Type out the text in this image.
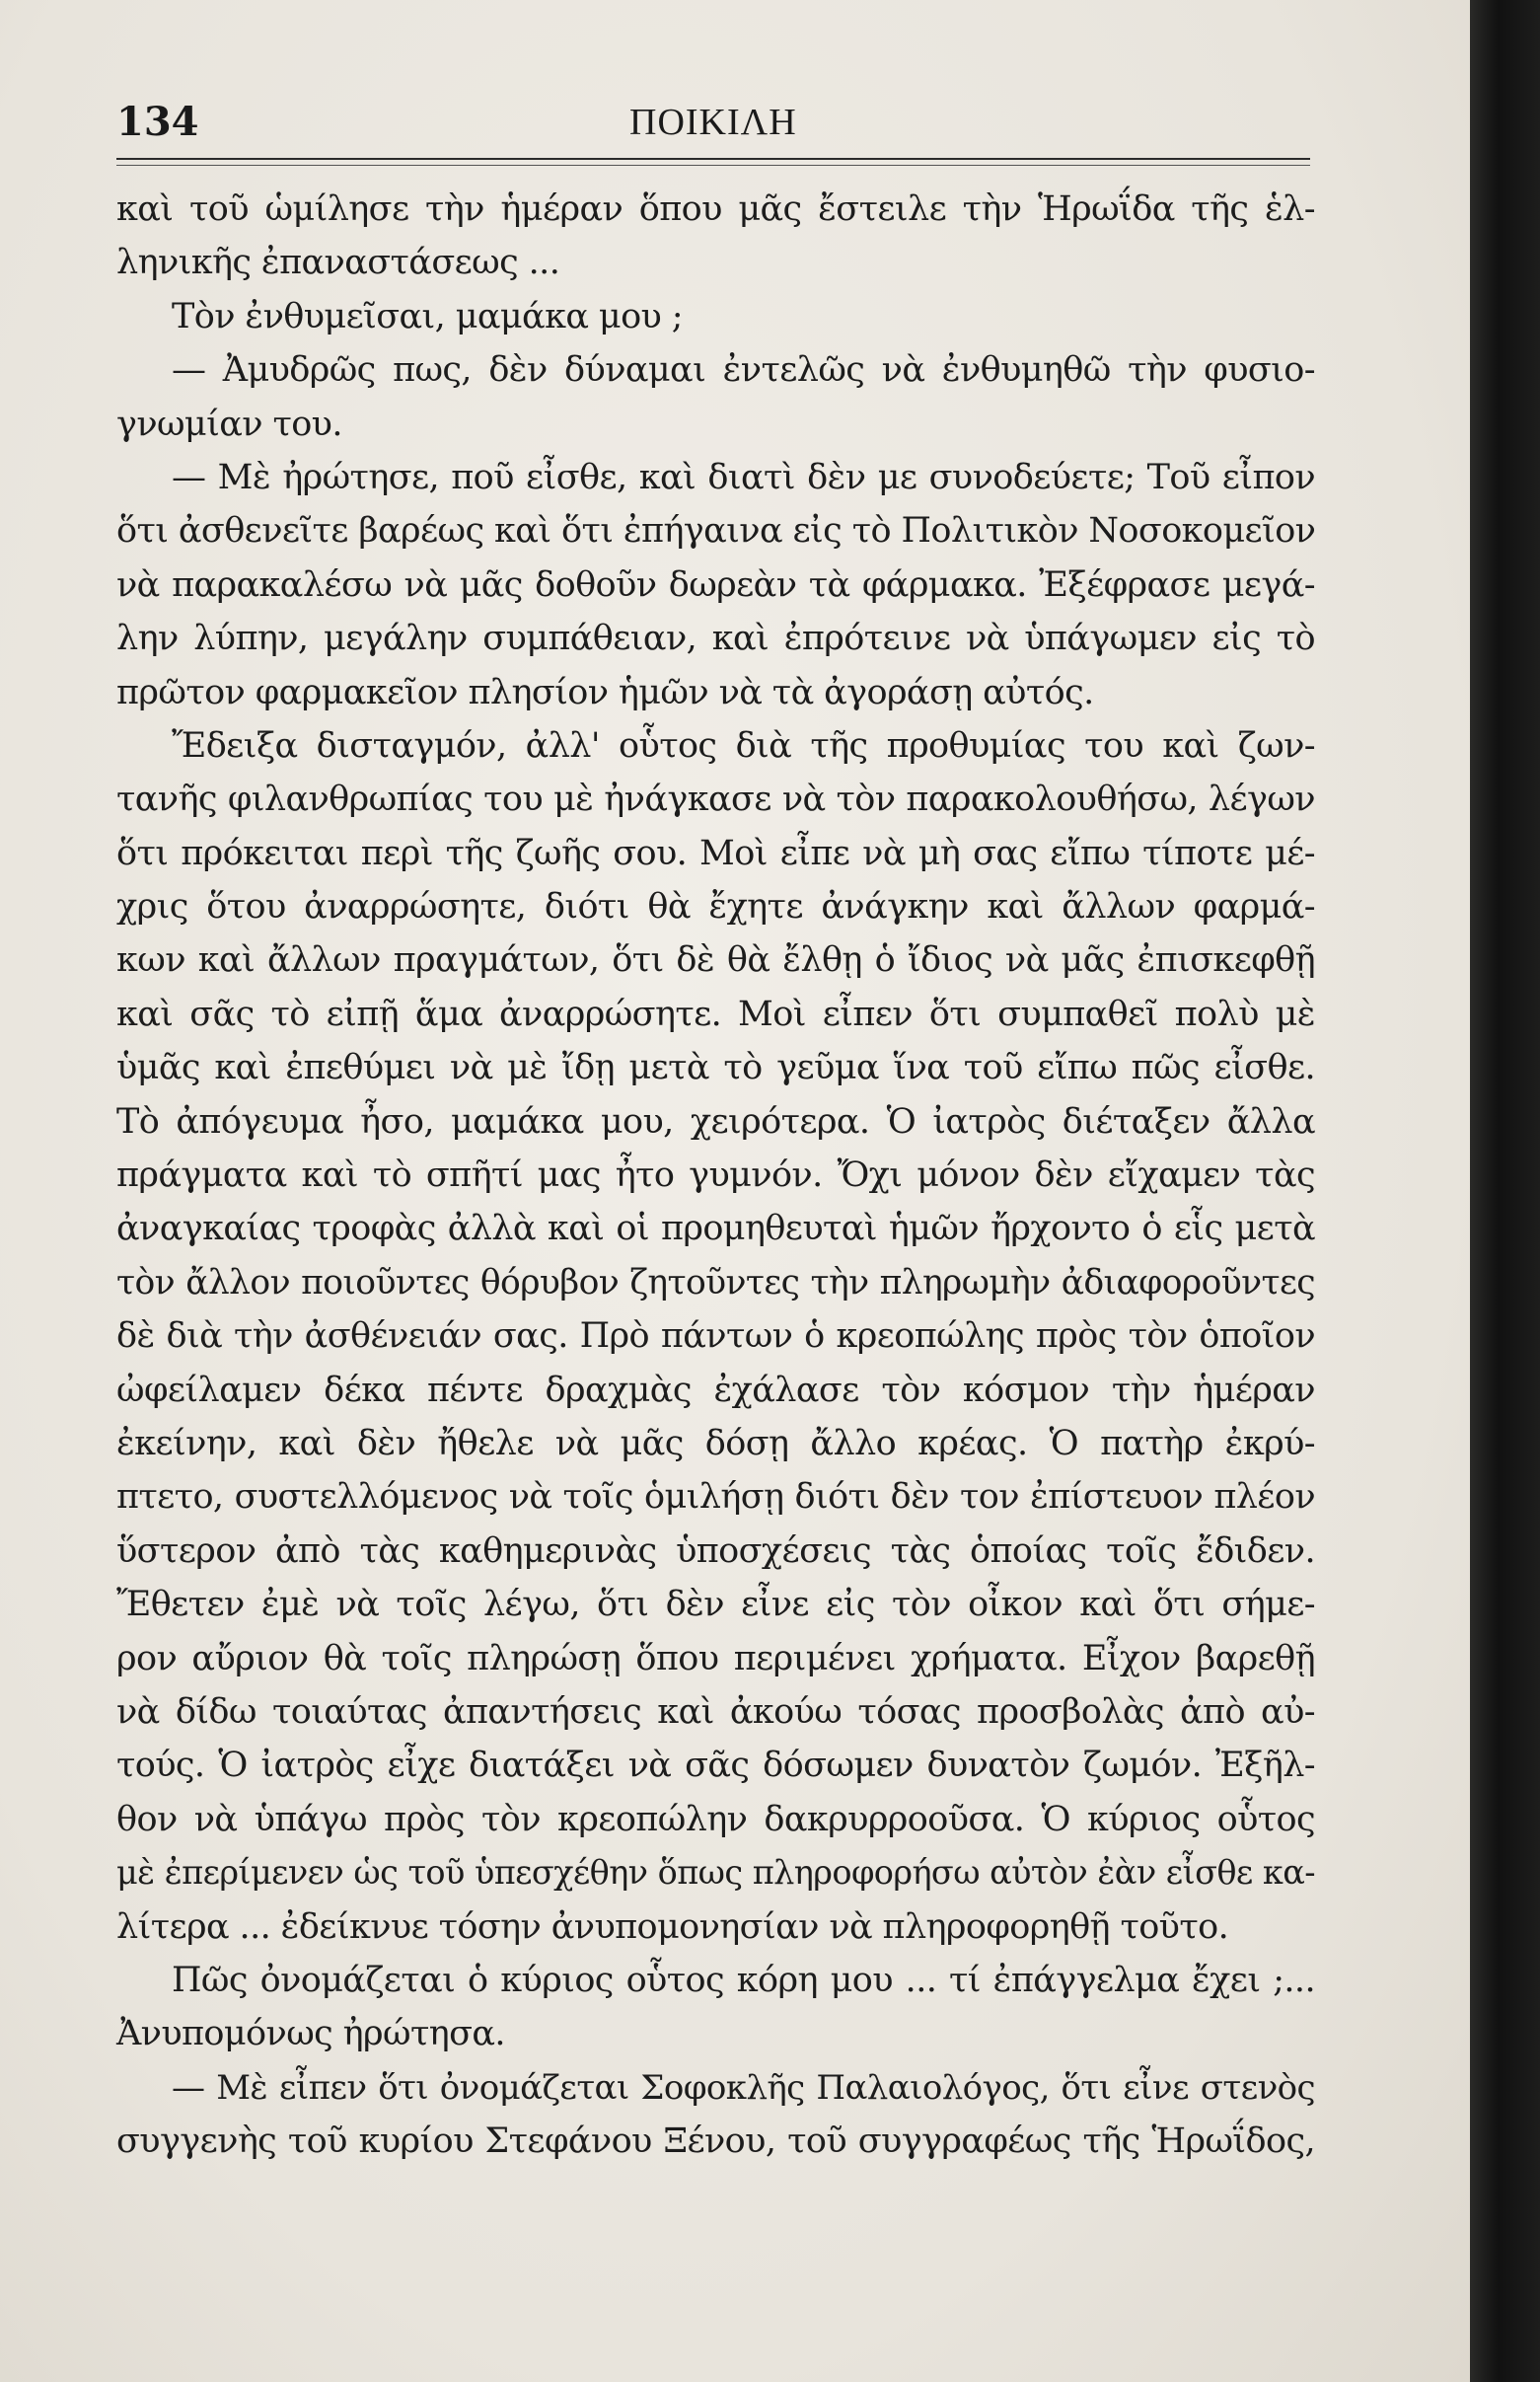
134	ΠΟΙΚΙΛΗ
καὶ τοῦ ὡμίλησε τὴν ἡμέραν ὅπου μᾶς ἔστειλε τὴν Ἡρωΐδα τῆς ἑλ-
ληνικῆς ἐπαναστάσεως ...
Τὸν ἐνθυμεῖσαι, μαμάκα μου ;
— Ἀμυδρῶς πως, δὲν δύναμαι ἐντελῶς νὰ ἐνθυμηθῶ τὴν φυσιο-
γνωμίαν του.
— Μὲ ἠρώτησε, ποῦ εἶσθε, καὶ διατὶ δὲν με συνοδεύετε; Τοῦ εἶπον
ὅτι ἀσθενεῖτε βαρέως καὶ ὅτι ἐπήγαινα εἰς τὸ Πολιτικὸν Νοσοκομεῖον
νὰ παρακαλέσω νὰ μᾶς δοθοῦν δωρεὰν τὰ φάρμακα. Ἐξέφρασε μεγά-
λην λύπην, μεγάλην συμπάθειαν, καὶ ἐπρότεινε νὰ ὑπάγωμεν εἰς τὸ
πρῶτον φαρμακεῖον πλησίον ἡμῶν νὰ τὰ ἀγοράσῃ αὐτός.
Ἔδειξα δισταγμόν, ἀλλ' οὗτος διὰ τῆς προθυμίας του καὶ ζων-
τανῆς φιλανθρωπίας του μὲ ἠνάγκασε νὰ τὸν παρακολουθήσω, λέγων
ὅτι πρόκειται περὶ τῆς ζωῆς σου. Μοὶ εἶπε νὰ μὴ σας εἴπω τίποτε μέ-
χρις ὅτου ἀναρρώσητε, διότι θὰ ἔχητε ἀνάγκην καὶ ἄλλων φαρμά-
κων καὶ ἄλλων πραγμάτων, ὅτι δὲ θὰ ἔλθῃ ὁ ἴδιος νὰ μᾶς ἐπισκεφθῇ
καὶ σᾶς τὸ εἰπῇ ἅμα ἀναρρώσητε. Μοὶ εἶπεν ὅτι συμπαθεῖ πολὺ μὲ
ὑμᾶς καὶ ἐπεθύμει νὰ μὲ ἴδῃ μετὰ τὸ γεῦμα ἵνα τοῦ εἴπω πῶς εἶσθε.
Τὸ ἀπόγευμα ἦσο, μαμάκα μου, χειρότερα. Ὁ ἰατρὸς διέταξεν ἄλλα
πράγματα καὶ τὸ σπῆτί μας ἦτο γυμνόν. Ὄχι μόνον δὲν εἴχαμεν τὰς
ἀναγκαίας τροφὰς ἀλλὰ καὶ οἱ προμηθευταὶ ἡμῶν ἤρχοντο ὁ εἷς μετὰ
τὸν ἄλλον ποιοῦντες θόρυβον ζητοῦντες τὴν πληρωμὴν ἀδιαφοροῦντες
δὲ διὰ τὴν ἀσθένειάν σας. Πρὸ πάντων ὁ κρεοπώλης πρὸς τὸν ὁποῖον
ὠφείλαμεν δέκα πέντε δραχμὰς ἐχάλασε τὸν κόσμον τὴν ἡμέραν
ἐκείνην, καὶ δὲν ἤθελε νὰ μᾶς δόσῃ ἄλλο κρέας. Ὁ πατὴρ ἐκρύ-
πτετο, συστελλόμενος νὰ τοῖς ὁμιλήσῃ διότι δὲν τον ἐπίστευον πλέον
ὕστερον ἀπὸ τὰς καθημερινὰς ὑποσχέσεις τὰς ὁποίας τοῖς ἔδιδεν.
Ἔθετεν ἐμὲ νὰ τοῖς λέγω, ὅτι δὲν εἶνε εἰς τὸν οἶκον καὶ ὅτι σήμε-
ρον αὔριον θὰ τοῖς πληρώσῃ ὅπου περιμένει χρήματα. Εἶχον βαρεθῇ
νὰ δίδω τοιαύτας ἀπαντήσεις καὶ ἀκούω τόσας προσβολὰς ἀπὸ αὐ-
τούς. Ὁ ἰατρὸς εἶχε διατάξει νὰ σᾶς δόσωμεν δυνατὸν ζωμόν. Ἐξῆλ-
θον νὰ ὑπάγω πρὸς τὸν κρεοπώλην δακρυρροοῦσα. Ὁ κύριος οὗτος
μὲ ἐπερίμενεν ὡς τοῦ ὑπεσχέθην ὅπως πληροφορήσω αὐτὸν ἐὰν εἶσθε κα-
λίτερα ... ἐδείκνυε τόσην ἀνυπομονησίαν νὰ πληροφορηθῇ τοῦτο.
Πῶς ὀνομάζεται ὁ κύριος οὗτος κόρη μου ... τί ἐπάγγελμα ἔχει ;...
Ἀνυπομόνως ἠρώτησα.
— Μὲ εἶπεν ὅτι ὀνομάζεται Σοφοκλῆς Παλαιολόγος, ὅτι εἶνε στενὸς
συγγενὴς τοῦ κυρίου Στεφάνου Ξένου, τοῦ συγγραφέως τῆς Ἡρωΐδος,
